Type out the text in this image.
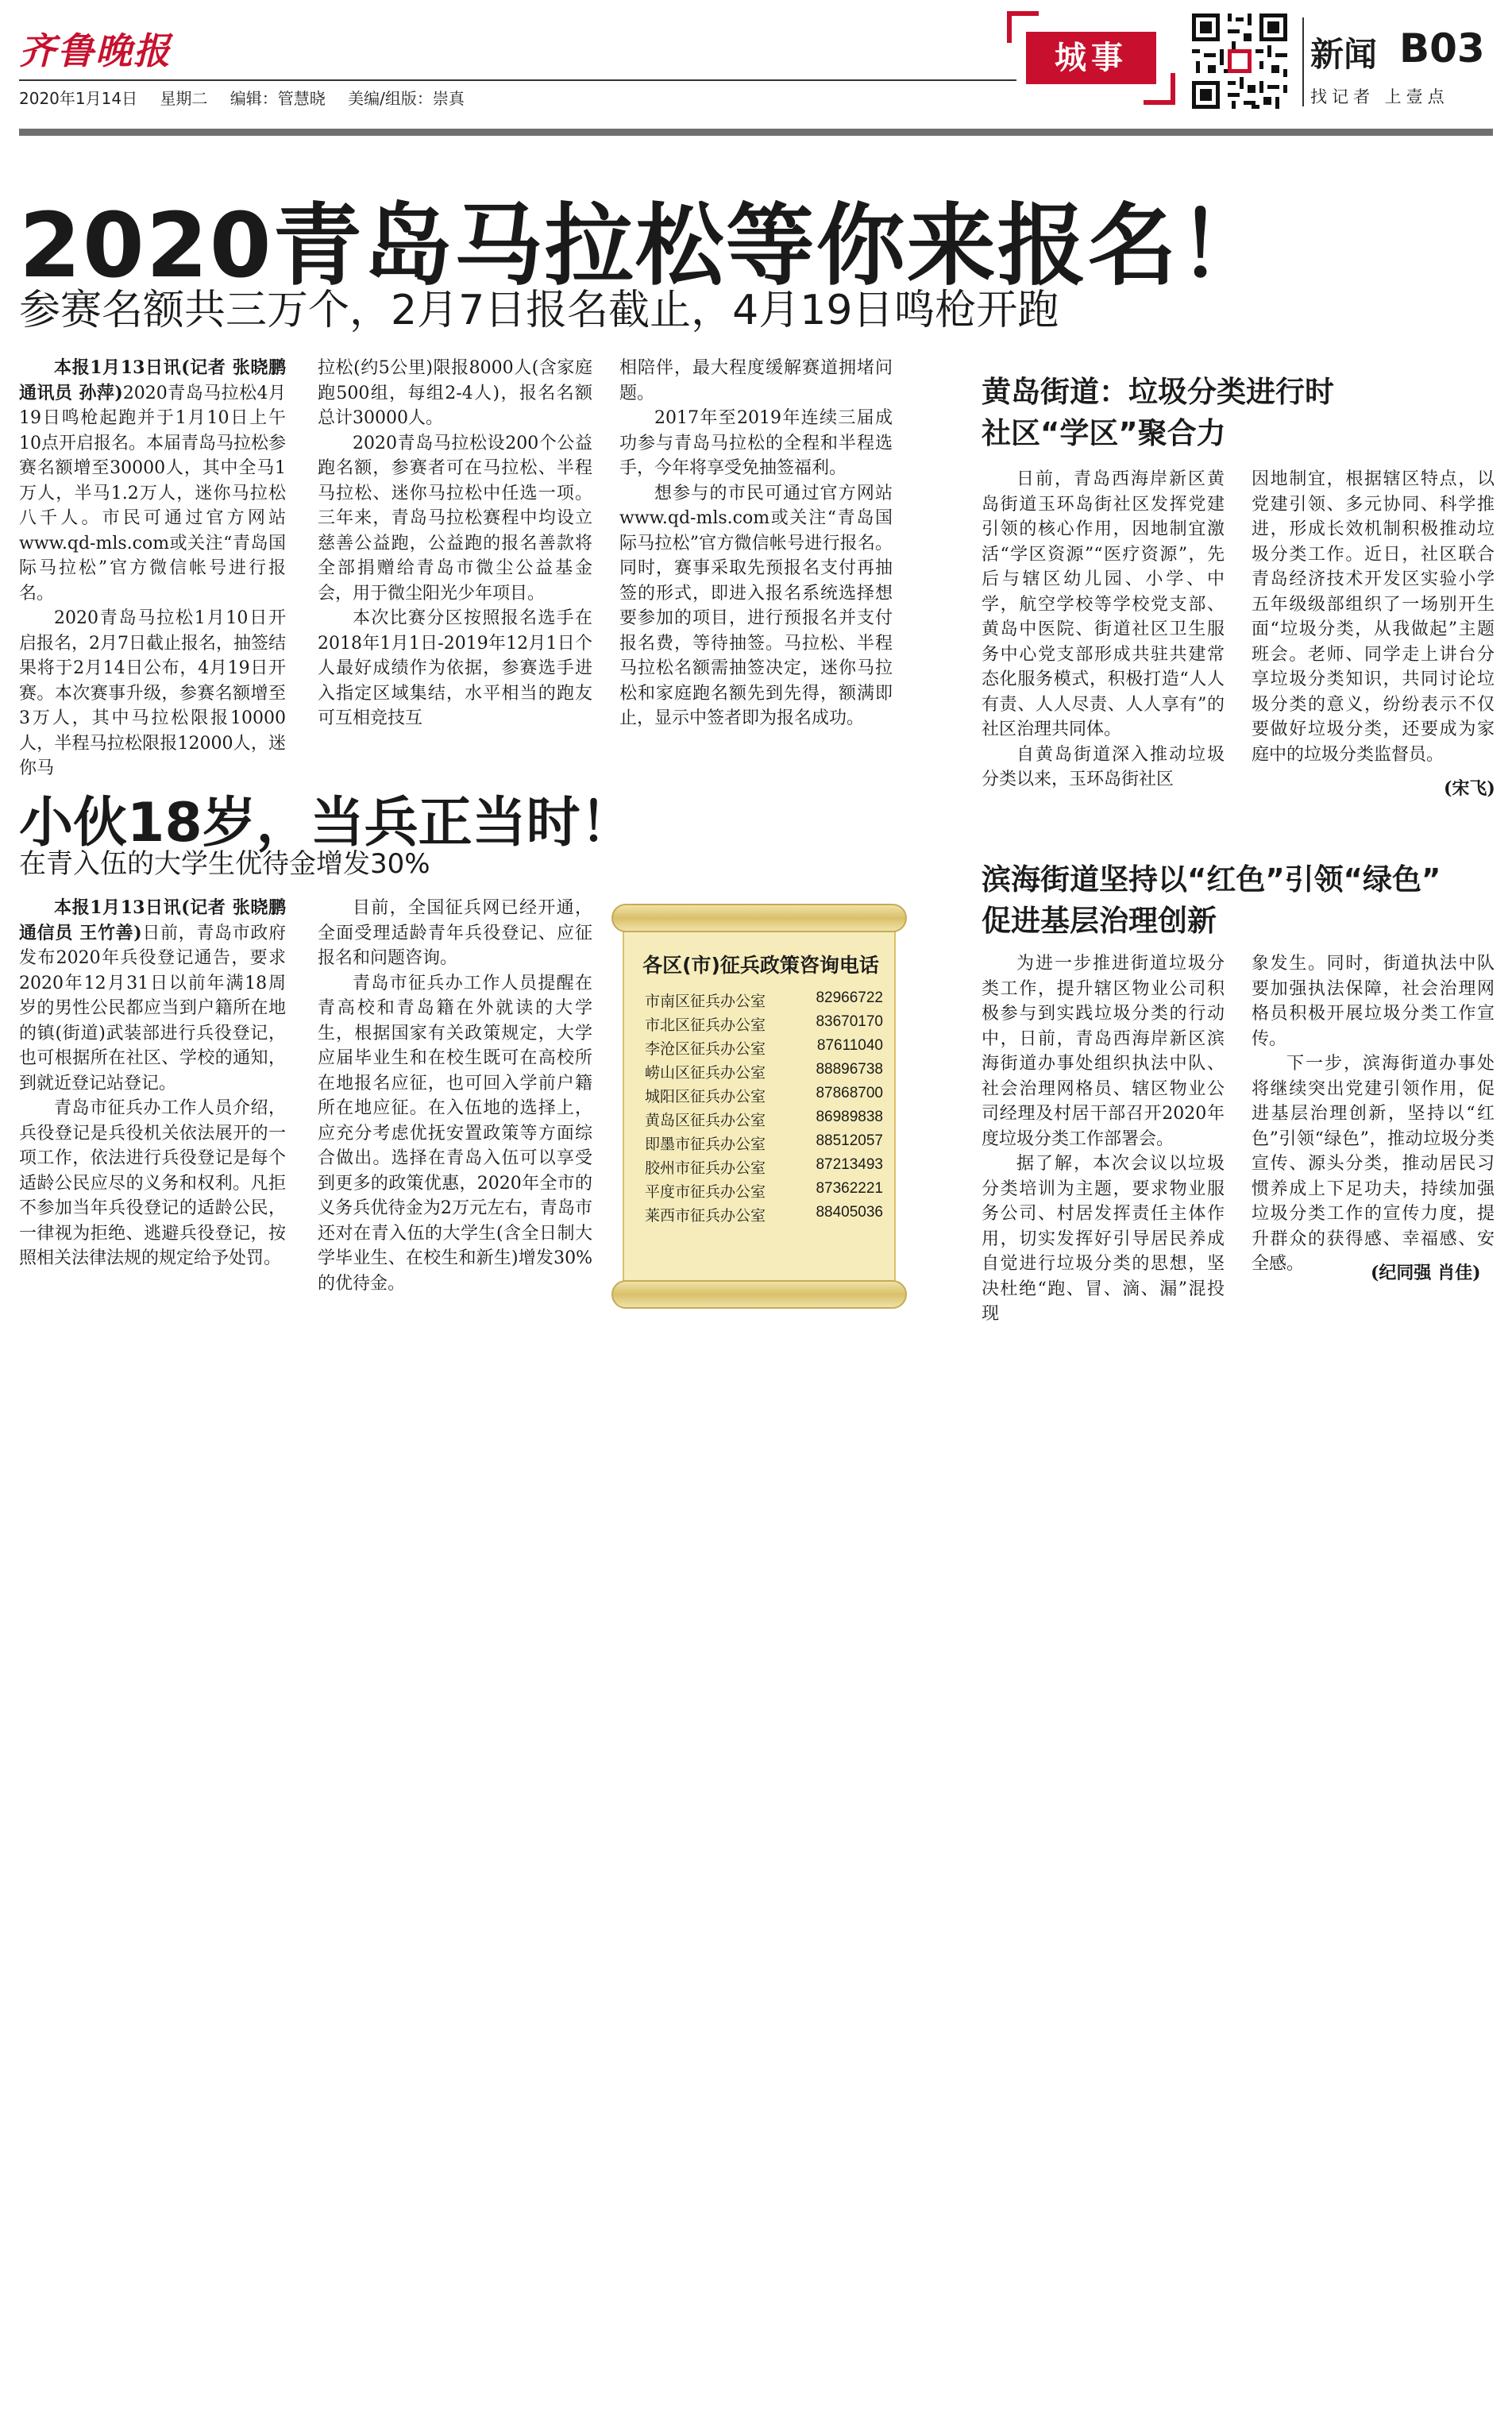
齐鲁晚报
2020年1月14日 星期二 编辑：管慧晓 美编/组版：崇真
城事	新闻 B03
找记者 上壹点
2020青岛马拉松等你来报名！
参赛名额共三万个，2月7日报名截止，4月19日鸣枪开跑

本报1月13日讯(记者 张晓鹏 通讯员 孙萍)2020青岛马拉松4月19日鸣枪起跑并于1月10日上午10点开启报名。本届青岛马拉松参赛名额增至30000人，其中全马1万人，半马1.2万人，迷你马拉松八千人。市民可通过官方网站www.qd-mls.com或关注“青岛国际马拉松”官方微信帐号进行报名。

2020青岛马拉松1月10日开启报名，2月7日截止报名，抽签结果将于2月14日公布，4月19日开赛。本次赛事升级，参赛名额增至3万人，其中马拉松限报10000人，半程马拉松限报12000人，迷你马

拉松(约5公里)限报8000人(含家庭跑500组，每组2-4人)，报名名额总计30000人。

2020青岛马拉松设200个公益跑名额，参赛者可在马拉松、半程马拉松、迷你马拉松中任选一项。三年来，青岛马拉松赛程中均设立慈善公益跑，公益跑的报名善款将全部捐赠给青岛市微尘公益基金会，用于微尘阳光少年项目。

本次比赛分区按照报名选手在2018年1月1日-2019年12月1日个人最好成绩作为依据，参赛选手进入指定区域集结，水平相当的跑友可互相竞技互

相陪伴，最大程度缓解赛道拥堵问题。

2017年至2019年连续三届成功参与青岛马拉松的全程和半程选手，今年将享受免抽签福利。

想参与的市民可通过官方网站www.qd-mls.com或关注“青岛国际马拉松”官方微信帐号进行报名。同时，赛事采取先预报名支付再抽签的形式，即进入报名系统选择想要参加的项目，进行预报名并支付报名费，等待抽签。马拉松、半程马拉松名额需抽签决定，迷你马拉松和家庭跑名额先到先得，额满即止，显示中签者即为报名成功。

小伙18岁，当兵正当时！
在青入伍的大学生优待金增发30%

本报1月13日讯(记者 张晓鹏 通信员 王竹善)日前，青岛市政府发布2020年兵役登记通告，要求2020年12月31日以前年满18周岁的男性公民都应当到户籍所在地的镇(街道)武装部进行兵役登记，也可根据所在社区、学校的通知，到就近登记站登记。

青岛市征兵办工作人员介绍，兵役登记是兵役机关依法展开的一项工作，依法进行兵役登记是每个适龄公民应尽的义务和权利。凡拒不参加当年兵役登记的适龄公民，一律视为拒绝、逃避兵役登记，按照相关法律法规的规定给予处罚。

目前，全国征兵网已经开通，全面受理适龄青年兵役登记、应征报名和问题咨询。

青岛市征兵办工作人员提醒在青高校和青岛籍在外就读的大学生，根据国家有关政策规定，大学应届毕业生和在校生既可在高校所在地报名应征，也可回入学前户籍所在地应征。在入伍地的选择上，应充分考虑优抚安置政策等方面综合做出。选择在青岛入伍可以享受到更多的政策优惠，2020年全市的义务兵优待金为2万元左右，青岛市还对在青入伍的大学生(含全日制大学毕业生、在校生和新生)增发30%的优待金。

各区(市)征兵政策咨询电话
市南区征兵办公室	82966722
市北区征兵办公室	83670170
李沧区征兵办公室	87611040
崂山区征兵办公室	88896738
城阳区征兵办公室	87868700
黄岛区征兵办公室	86989838
即墨市征兵办公室	88512057
胶州市征兵办公室	87213493
平度市征兵办公室	87362221
莱西市征兵办公室	88405036
黄岛街道：垃圾分类进行时
社区“学区”聚合力

日前，青岛西海岸新区黄岛街道玉环岛街社区发挥党建引领的核心作用，因地制宜激活“学区资源”“医疗资源”，先后与辖区幼儿园、小学、中学，航空学校等学校党支部、黄岛中医院、街道社区卫生服务中心党支部形成共驻共建常态化服务模式，积极打造“人人有责、人人尽责、人人享有”的社区治理共同体。

自黄岛街道深入推动垃圾分类以来，玉环岛街社区

因地制宜，根据辖区特点，以党建引领、多元协同、科学推进，形成长效机制积极推动垃圾分类工作。近日，社区联合青岛经济技术开发区实验小学五年级级部组织了一场别开生面“垃圾分类，从我做起”主题班会。老师、同学走上讲台分享垃圾分类知识，共同讨论垃圾分类的意义，纷纷表示不仅要做好垃圾分类，还要成为家庭中的垃圾分类监督员。

(宋飞)
滨海街道坚持以“红色”引领“绿色”
促进基层治理创新

为进一步推进街道垃圾分类工作，提升辖区物业公司积极参与到实践垃圾分类的行动中，日前，青岛西海岸新区滨海街道办事处组织执法中队、社会治理网格员、辖区物业公司经理及村居干部召开2020年度垃圾分类工作部署会。

据了解，本次会议以垃圾分类培训为主题，要求物业服务公司、村居发挥责任主体作用，切实发挥好引导居民养成自觉进行垃圾分类的思想，坚决杜绝“跑、冒、滴、漏”混投现

象发生。同时，街道执法中队要加强执法保障，社会治理网格员积极开展垃圾分类工作宣传。

下一步，滨海街道办事处将继续突出党建引领作用，促进基层治理创新，坚持以“红色”引领“绿色”，推动垃圾分类宣传、源头分类，推动居民习惯养成上下足功夫，持续加强垃圾分类工作的宣传力度，提升群众的获得感、幸福感、安全感。	(纪同强 肖佳)
